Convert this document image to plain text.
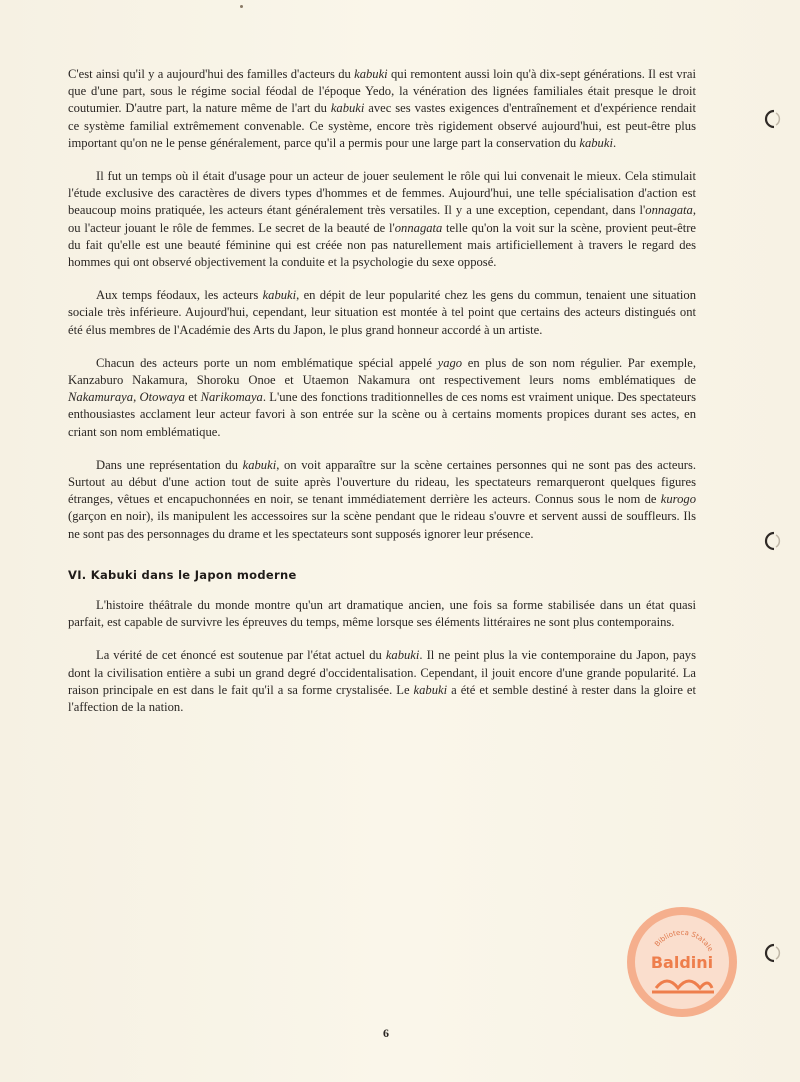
C'est ainsi qu'il y a aujourd'hui des familles d'acteurs du kabuki qui remontent aussi loin qu'à dix-sept générations. Il est vrai que d'une part, sous le régime social féodal de l'époque Yedo, la vénération des lignées familiales était presque le droit coutumier. D'autre part, la nature même de l'art du kabuki avec ses vastes exigences d'entraînement et d'expérience rendait ce système familial extrêmement convenable. Ce système, encore très rigidement observé aujourd'hui, est peut-être plus important qu'on ne le pense généralement, parce qu'il a permis pour une large part la conservation du kabuki.

Il fut un temps où il était d'usage pour un acteur de jouer seulement le rôle qui lui convenait le mieux. Cela stimulait l'étude exclusive des caractères de divers types d'hommes et de femmes. Aujourd'hui, une telle spécialisation d'action est beaucoup moins pratiquée, les acteurs étant généralement très versatiles. Il y a une exception, cependant, dans l'onnagata, ou l'acteur jouant le rôle de femmes. Le secret de la beauté de l'onnagata telle qu'on la voit sur la scène, provient peut-être du fait qu'elle est une beauté féminine qui est créée non pas naturellement mais artificiellement à travers le regard des hommes qui ont observé objectivement la conduite et la psychologie du sexe opposé.

Aux temps féodaux, les acteurs kabuki, en dépit de leur popularité chez les gens du commun, tenaient une situation sociale très inférieure. Aujourd'hui, cependant, leur situation est montée à tel point que certains des acteurs distingués ont été élus membres de l'Académie des Arts du Japon, le plus grand honneur accordé à un artiste.

Chacun des acteurs porte un nom emblématique spécial appelé yago en plus de son nom régulier. Par exemple, Kanzaburo Nakamura, Shoroku Onoe et Utaemon Nakamura ont respectivement leurs noms emblématiques de Nakamuraya, Otowaya et Narikomaya. L'une des fonctions traditionnelles de ces noms est vraiment unique. Des spectateurs enthousiastes acclament leur acteur favori à son entrée sur la scène ou à certains moments propices durant ses actes, en criant son nom emblématique.

Dans une représentation du kabuki, on voit apparaître sur la scène certaines personnes qui ne sont pas des acteurs. Surtout au début d'une action tout de suite après l'ouverture du rideau, les spectateurs remarqueront quelques figures étranges, vêtues et encapuchonnées en noir, se tenant immédiatement derrière les acteurs. Connus sous le nom de kurogo (garçon en noir), ils manipulent les accessoires sur la scène pendant que le rideau s'ouvre et servent aussi de souffleurs. Ils ne sont pas des personnages du drame et les spectateurs sont supposés ignorer leur présence.

VI. Kabuki dans le Japon moderne

L'histoire théâtrale du monde montre qu'un art dramatique ancien, une fois sa forme stabilisée dans un état quasi parfait, est capable de survivre les épreuves du temps, même lorsque ses éléments littéraires ne sont plus contemporains.

La vérité de cet énoncé est soutenue par l'état actuel du kabuki. Il ne peint plus la vie contemporaine du Japon, pays dont la civilisation entière a subi un grand degré d'occidentalisation. Cependant, il jouit encore d'une grande popularité. La raison principale en est dans le fait qu'il a sa forme crystalisée. Le kabuki a été et semble destiné à rester dans la gloire et l'affection de la nation.

6
Biblioteca Statale
Baldini
